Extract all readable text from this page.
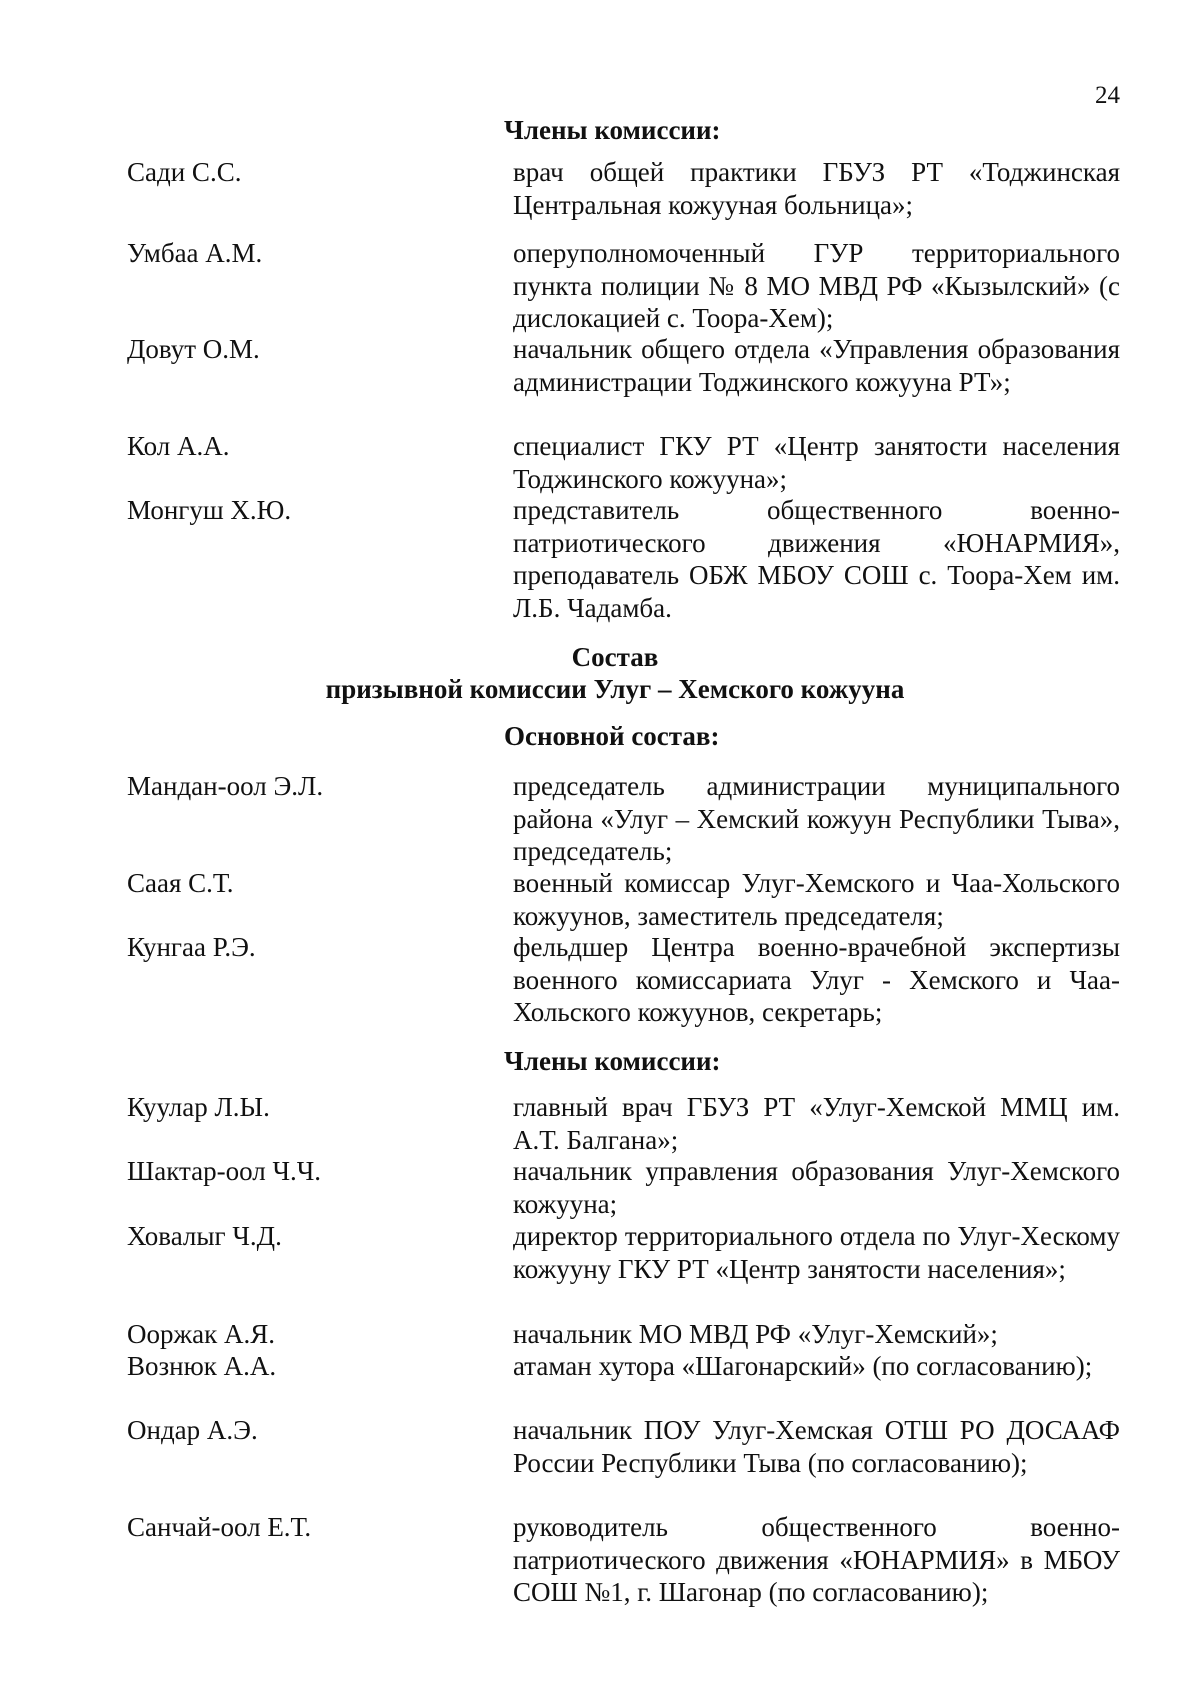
24
Члены комиссии:
Сади С.С.	врач общей практики ГБУЗ РТ «Тоджинская Центральная кожууная больница»;
Умбаа А.М.	оперуполномоченный ГУР территориального пункта полиции № 8 МО МВД РФ «Кызылский» (с дислокацией с. Тоора-Хем);
Довут О.М.	начальник общего отдела «Управления образования администрации Тоджинского кожууна РТ»;
Кол А.А.	специалист ГКУ РТ «Центр занятости населения Тоджинского кожууна»;
Монгуш Х.Ю.	представитель общественного военно-патриотического движения «ЮНАРМИЯ», преподаватель ОБЖ МБОУ СОШ с. Тоора-Хем им. Л.Б. Чадамба.
Состав
призывной комиссии Улуг – Хемского кожууна
Основной состав:
Мандан-оол Э.Л.	председатель администрации муниципального района «Улуг – Хемский кожуун Республики Тыва», председатель;
Саая С.Т.	военный комиссар Улуг-Хемского и Чаа-Хольского кожуунов, заместитель председателя;
Кунгаа Р.Э.	фельдшер Центра военно-врачебной экспертизы военного комиссариата Улуг - Хемского и Чаа-Хольского кожуунов, секретарь;
Члены комиссии:
Куулар Л.Ы.	главный врач ГБУЗ РТ «Улуг-Хемской ММЦ им. А.Т. Балгана»;
Шактар-оол Ч.Ч.	начальник управления образования Улуг-Хемского кожууна;
Ховалыг Ч.Д.	директор территориального отдела по Улуг-Хескому кожууну ГКУ РТ «Центр занятости населения»;
Ооржак А.Я.	начальник МО МВД РФ «Улуг-Хемский»;
Вознюк А.А.	атаман хутора «Шагонарский» (по согласованию);
Ондар А.Э.	начальник ПОУ Улуг-Хемская ОТШ РО ДОСААФ России Республики Тыва (по согласованию);
Санчай-оол Е.Т.	руководитель общественного военно-патриотического движения «ЮНАРМИЯ» в МБОУ СОШ №1, г. Шагонар (по согласованию);
